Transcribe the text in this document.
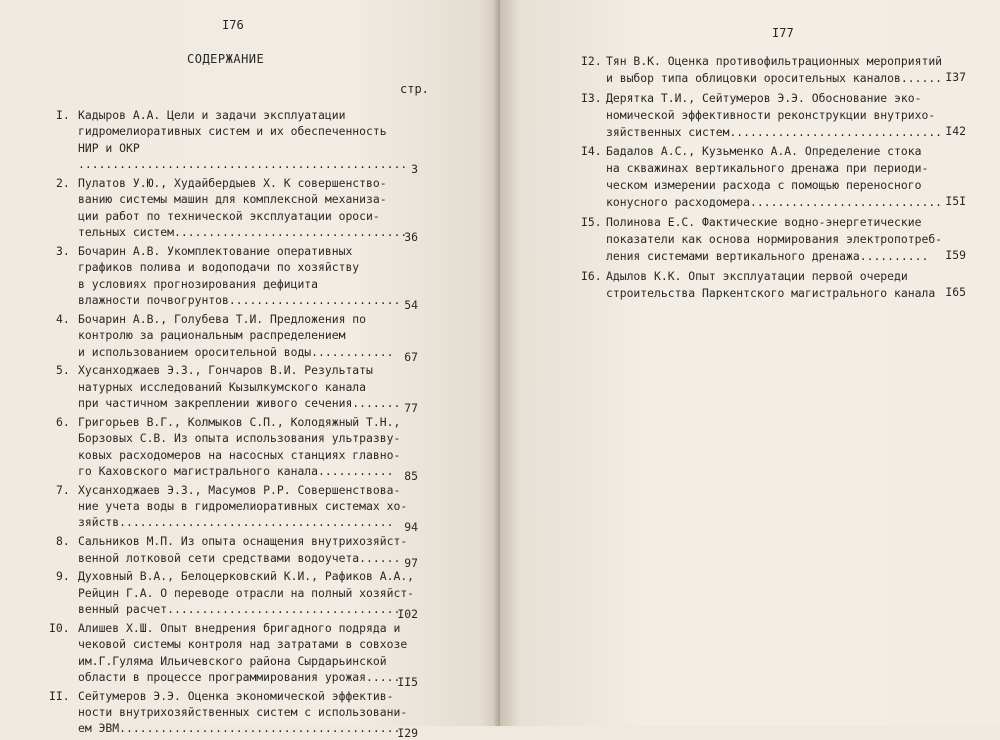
I76
СОДЕРЖАНИЕ
стр.
I. Кадыров А.А. Цели и задачи эксплуатации
гидромелиоративных систем и их обеспеченность
НИР и ОКР
................................................ 3
2. Пулатов У.Ю., Худайбердыев Х. К совершенство-
ванию системы машин для комплексной механиза-
ции работ по технической эксплуатации ороси-
тельных систем..................................
36
3. Бочарин А.В. Укомплектование оперативных
графиков полива и водоподачи по хозяйству
в условиях прогнозирования дефицита
влажности почвогрунтов......................... 54
4. Бочарин А.В., Голубева Т.И. Предложения по
контролю за рациональным распределением
и использованием оросительной воды............ 67
5. Хусанходжаев Э.З., Гончаров В.И. Результаты
натурных исследований Кызылкумского канала
при частичном закреплении живого сечения....... 77
6. Григорьев В.Г., Колмыков С.П., Колодяжный Т.Н.,
Борзовых С.В. Из опыта использования ультразву-
ковых расходомеров на насосных станциях главно-
го Каховского магистрального канала........... 85
7. Хусанходжаев Э.З., Масумов Р.Р. Совершенствова-
ние учета воды в гидромелиоративных системах хо-
зяйств........................................ 94
8. Сальников М.П. Из опыта оснащения внутрихозяйст-
венной лотковой сети средствами водоучета...... 97
9. Духовный В.А., Белоцерковский К.И., Рафиков А.А.,
Рейцин Г.А. О переводе отрасли на полный хозяйст-
венный расчет..................................
I02
I0. Алишев Х.Ш. Опыт внедрения бригадного подряда и
чековой системы контроля над затратами в совхозе
им.Г.Гуляма Ильичевского района Сырдарьинской
области в процессе программирования урожая.....
II5
II. Сейтумеров Э.Э. Оценка экономической эффектив-
ности внутрихозяйственных систем с использовани-
ем ЭВМ.........................................
I29
I77
I2. Тян В.К. Оценка противофильтрационных мероприятий
и выбор типа облицовки оросительных каналов...... I37
I3. Дерятка Т.И., Сейтумеров Э.Э. Обоснование эко-
номической эффективности реконструкции внутрихо-
зяйственных систем............................... I42
I4. Бадалов А.С., Кузьменко А.А. Определение стока
на скважинах вертикального дренажа при периоди-
ческом измерении расхода с помощью переносного
конусного расходомера............................ I5I
I5. Полинова Е.С. Фактические водно-энергетические
показатели как основа нормирования электропотреб-
ления системами вертикального дренажа..........	I59
I6. Адылов К.К. Опыт эксплуатации первой очереди
строительства Паркентского магистрального канала I65
